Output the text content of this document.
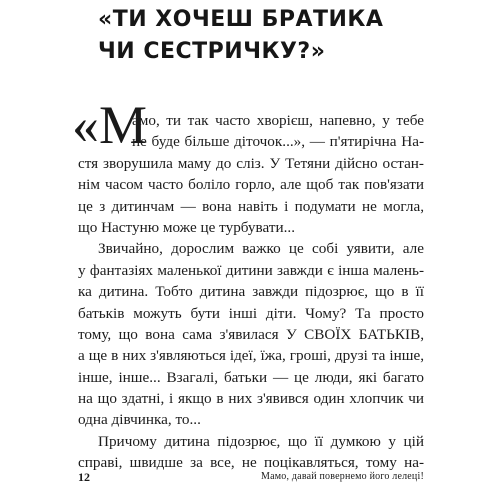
«ТИ ХОЧЕШ БРАТИКА
ЧИ СЕСТРИЧКУ?»
«М
амо, ти так часто хворієш, напевно, у тебе
не буде більше діточок...», — п'ятирічна На-
стя зворушила маму до сліз. У Тетяни дійсно остан-
нім часом часто боліло горло, але щоб так пов'язати
це з дитинчам — вона навіть і подумати не могла,
що Настуню може це турбувати...
Звичайно, дорослим важко це собі уявити, але
у фантазіях маленької дитини завжди є інша малень-
ка дитина. Тобто дитина завжди підозрює, що в її
батьків можуть бути інші діти. Чому? Та просто
тому, що вона сама з'явилася У СВОЇХ БАТЬКІВ,
а ще в них з'являються ідеї, їжа, гроші, друзі та інше,
інше, інше... Взагалі, батьки — це люди, які багато
на що здатні, і якщо в них з'явився один хлопчик чи
одна дівчинка, то...
Причому дитина підозрює, що її думкою у цій
справі, швидше за все, не поцікавляться, тому на-
12	Мамо, давай повернемо його лелеці!
